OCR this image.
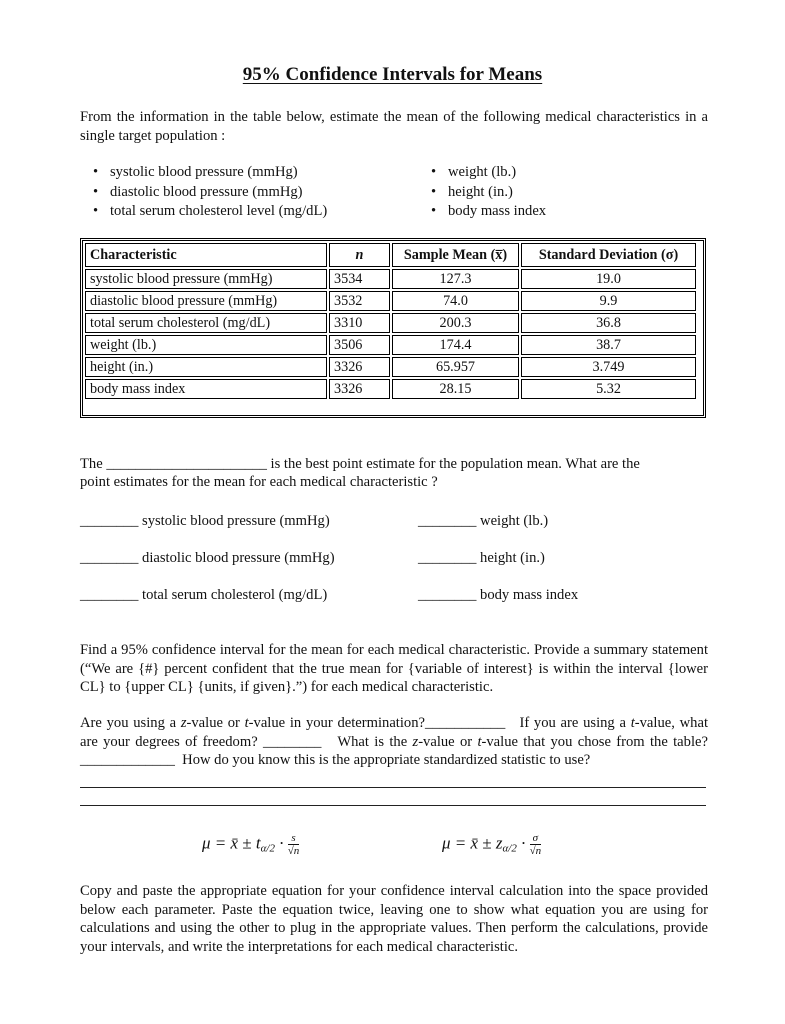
95% Confidence Intervals for Means
From the information in the table below, estimate the mean of the following medical characteristics in a single target population :
• systolic blood pressure (mmHg)
• diastolic blood pressure (mmHg)
• total serum cholesterol level (mg/dL)
• weight (lb.)
• height (in.)
• body mass index
Characteristic	n	Sample Mean (x̅)	Standard Deviation (σ)
systolic blood pressure (mmHg)	3534	127.3	19.0
diastolic blood pressure (mmHg)	3532	74.0	9.9
total serum cholesterol (mg/dL)	3310	200.3	36.8
weight (lb.)	3506	174.4	38.7
height (in.)	3326	65.957	3.749
body mass index	3326	28.15	5.32
The ______________________ is the best point estimate for the population mean. What are the
point estimates for the mean for each medical characteristic ?
________ systolic blood pressure (mmHg)
________ diastolic blood pressure (mmHg)
________ total serum cholesterol (mg/dL)
________ weight (lb.)
________ height (in.)
________ body mass index
Find a 95% confidence interval for the mean for each medical characteristic. Provide a summary statement (“We are {#} percent confident that the true mean for {variable of interest} is within the interval {lower CL} to {upper CL} {units, if given}.”) for each medical characteristic.
Are you using a z-value or t-value in your determination?___________ If you are using a t-value, what are your degrees of freedom? ________ What is the z-value or t-value that you chose from the table? _____________ How do you know this is the appropriate standardized statistic to use?
μ = x̄ ± $t_{\alpha/2} \cdot \frac{s}{√n}$	μ = x̄ ± $z_{\alpha/2} \cdot \frac{\sigma}{√n}$
Copy and paste the appropriate equation for your confidence interval calculation into the space provided below each parameter. Paste the equation twice, leaving one to show what equation you are using for calculations and using the other to plug in the appropriate values. Then perform the calculations, provide your intervals, and write the interpretations for each medical characteristic.
